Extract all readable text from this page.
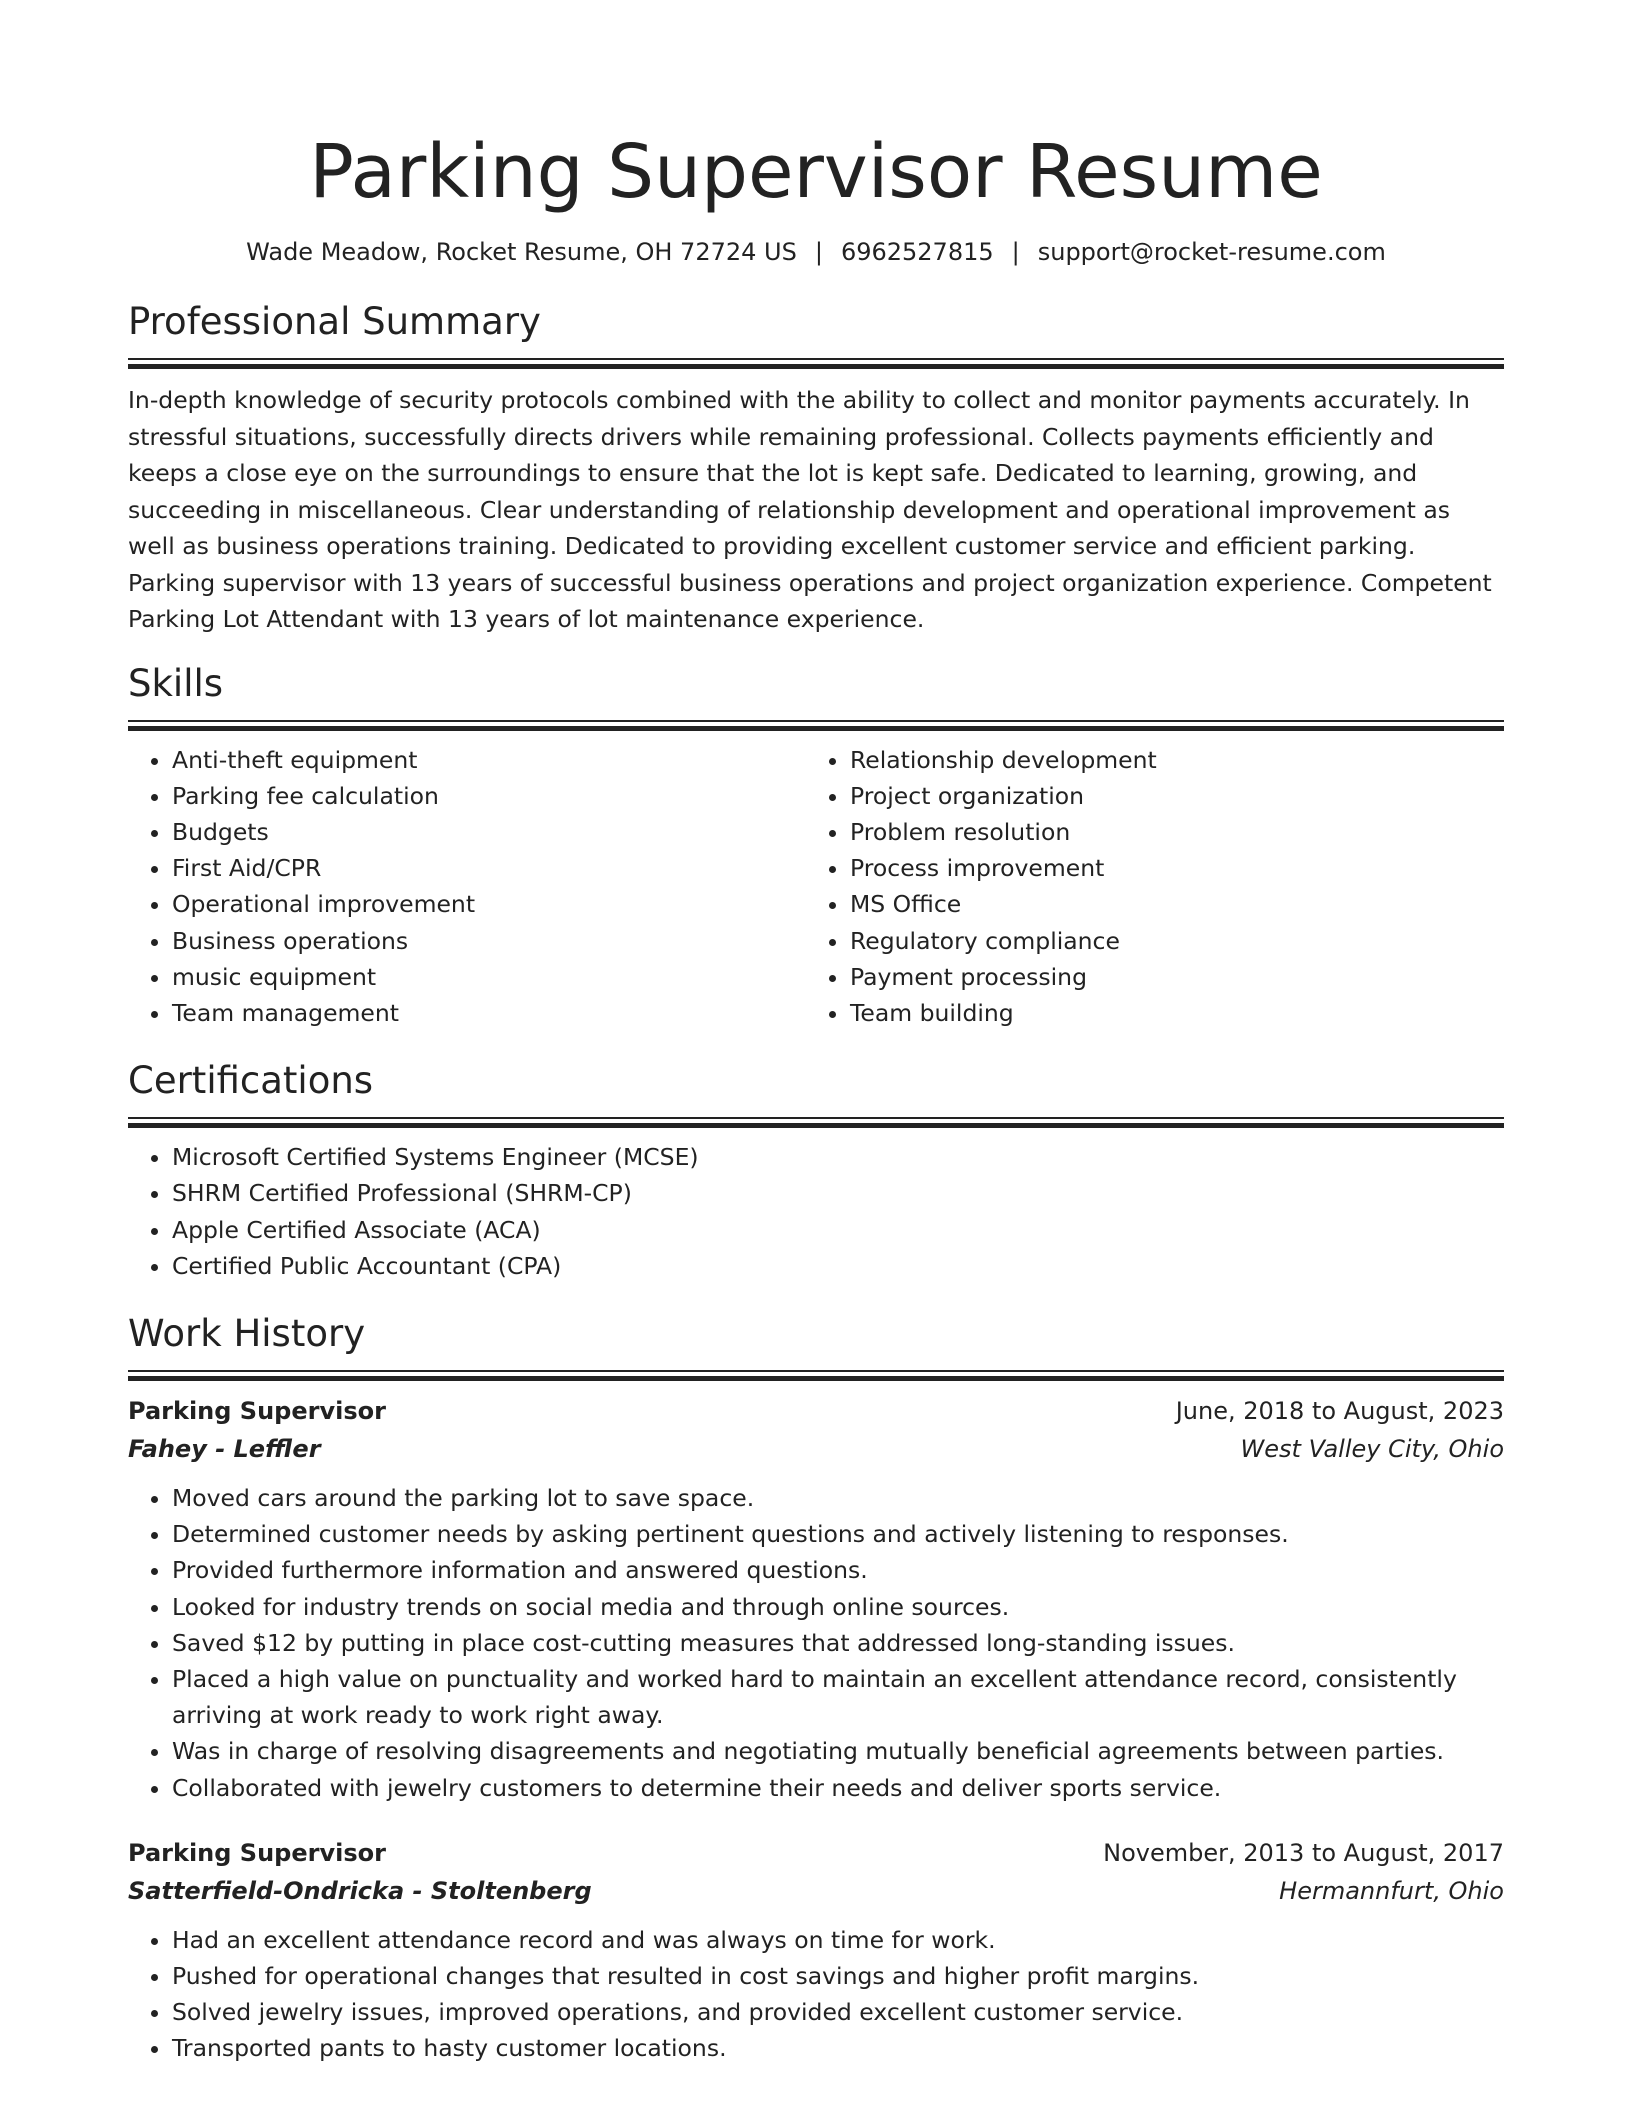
Parking Supervisor Resume
Wade Meadow, Rocket Resume, OH 72724 US | 6962527815 | support@rocket-resume.com
Professional Summary

In-depth knowledge of security protocols combined with the ability to collect and monitor payments accurately. In stressful situations, successfully directs drivers while remaining professional. Collects payments efficiently and keeps a close eye on the surroundings to ensure that the lot is kept safe. Dedicated to learning, growing, and succeeding in miscellaneous. Clear understanding of relationship development and operational improvement as well as business operations training. Dedicated to providing excellent customer service and efficient parking. Parking supervisor with 13 years of successful business operations and project organization experience. Competent Parking Lot Attendant with 13 years of lot maintenance experience.

Skills
• Anti-theft equipment
• Parking fee calculation
• Budgets
• First Aid/CPR
• Operational improvement
• Business operations
• music equipment
• Team management
• Relationship development
• Project organization
• Problem resolution
• Process improvement
• MS Office
• Regulatory compliance
• Payment processing
• Team building
Certifications
• Microsoft Certified Systems Engineer (MCSE)
• SHRM Certified Professional (SHRM-CP)
• Apple Certified Associate (ACA)
• Certified Public Accountant (CPA)
Work History
Parking Supervisor	June, 2018 to August, 2023
Fahey - Leffler	West Valley City, Ohio
• Moved cars around the parking lot to save space.
• Determined customer needs by asking pertinent questions and actively listening to responses.
• Provided furthermore information and answered questions.
• Looked for industry trends on social media and through online sources.
• Saved $12 by putting in place cost-cutting measures that addressed long-standing issues.
• Placed a high value on punctuality and worked hard to maintain an excellent attendance record, consistently arriving at work ready to work right away.
• Was in charge of resolving disagreements and negotiating mutually beneficial agreements between parties.
• Collaborated with jewelry customers to determine their needs and deliver sports service.
Parking Supervisor	November, 2013 to August, 2017
Satterfield-Ondricka - Stoltenberg	Hermannfurt, Ohio
• Had an excellent attendance record and was always on time for work.
• Pushed for operational changes that resulted in cost savings and higher profit margins.
• Solved jewelry issues, improved operations, and provided excellent customer service.
• Transported pants to hasty customer locations.
